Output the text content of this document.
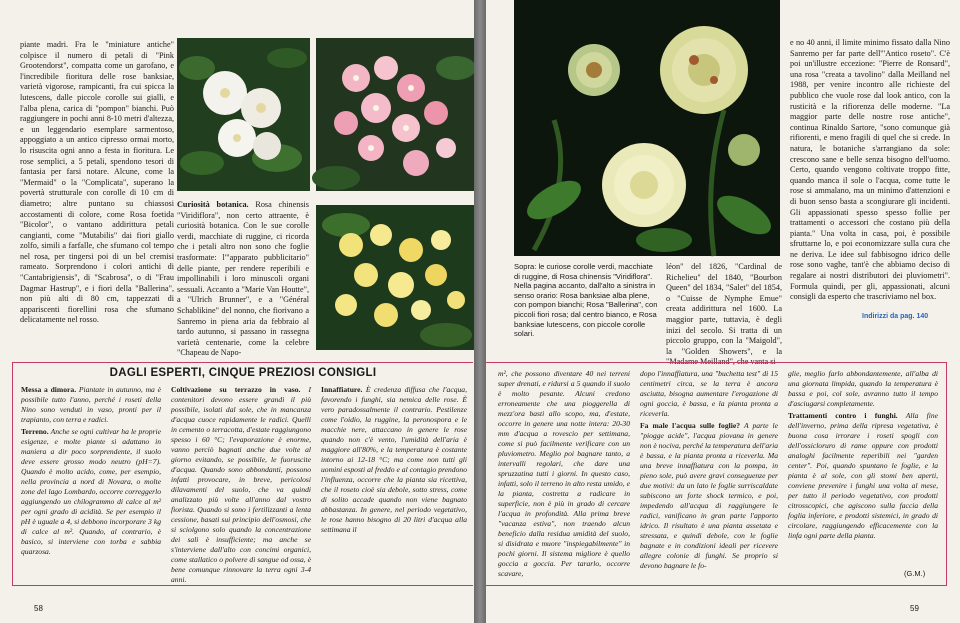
piante madri. Fra le "miniature antiche" colpisce il numero di petali di "Pink Grootendorst", compatta come un garofano, e l'incredibile fioritura delle rose banksiae, varietà vigorose, rampicanti, fra cui spicca la lutescens, dalle piccole corolle sui gialli, e l'alba plena, carica di "pompon" bianchi. Può raggiungere in pochi anni 8-10 metri d'altezza, e un leggendario esemplare sarmentoso, appoggiato a un antico cipresso ormai morto, lo risuscita ogni anno a festa in fioritura. Le rose semplici, a 5 petali, spendono tesori di fantasia per farsi notare. Alcune, come la "Mermaid" o la "Complicata", superano la povertà strutturale con corolle di 10 cm di diametro; altre puntano su chiassosi accostamenti di colore, come Rosa foetida "Bicolor", o vantano addirittura petali cangianti, come "Mutabilis" dai fiori giallo zolfo, simili a farfalle, che sfumano col tempo nel rosa, per tingersi poi di un bel cremisi rameato. Sorprendono i colori antichi di "Cantabrigiensis", di "Scabrosa", o di "Frau Dagmar Hastrup", e i fiori della "Ballerina", non più alti di 80 cm, tappezzati di appariscenti fiorellini rosa che sfumano delicatamente nel rosso.

Curiosità botanica. Rosa chinensis "Viridiflora", non certo attraente, è curiosità botanica. Con le sue corolle verdi, macchiate di ruggine, ci ricorda che i petali altro non sono che foglie trasformate: l'"apparato pubblicitario" delle piante, per rendere reperibili e impollinabili i loro minuscoli organi sessuali. Accanto a "Marie Van Houtte", a "Ulrich Brunner", e a "Général Schablikine" del nonno, che fiorivano a Sanremo in piena aria da febbraio al tardo autunno, si passano in rassegna varietà centenarie, come la celebre "Chapeau de Napo-

DAGLI ESPERTI, CINQUE PREZIOSI CONSIGLI

Messa a dimora. Piantate in autunno, ma è possibile tutto l'anno, perché i roseti della Nino sono venduti in vaso, pronti per il trapianto, con terra e radici.

Terreno. Anche se ogni cultivar ha le proprie esigenze, e molte piante si adattano in maniera a dir poco sorprendente, il suolo deve essere grosso modo neutro (pH=7). Quando è molto acido, come, per esempio, nella provincia a nord di Novara, o molte zone del lago Lombardo, occorre correggerlo aggiungendo un chilogrammo di calce al m² per ogni grado di acidità. Se per esempio il pH è uguale a 4, si debbono incorporare 3 kg di calce al m². Quando, al contrario, è basico, si interviene con torba e sabbia quarzosa.

Coltivazione su terrazzo in vaso. I contenitori devono essere grandi il più possibile, isolati dal sole, che in mancanza d'acqua cuoce rapidamente le radici. Quelli in cemento o terracotta, d'estate raggiungono spesso i 60 °C; l'evaporazione è enorme, vanno perciò bagnati anche due volte al giorno evitando, se possibile, le fuoruscite d'acqua. Quando sono abbondanti, possono infatti provocare, in breve, pericolosi dilavamenti del suolo, che va quindi analizzato più volte all'anno dal vostro fiorista. Quando si sono i fertilizzanti a lenta cessione, basati sui principio dell'osmosi, che si sciolgono solo quando la concentrazione dei sali è insufficiente; ma anche se s'interviene dall'alto con concimi organici, come stallatico o polvere di sangue od ossa, è bene comunque rinnovare la terra ogni 3-4 anni.

Innaffiature. È credenza diffusa che l'acqua, favorendo i funghi, sia nemica delle rose. È vero paradossalmente il contrario. Pestilenze come l'oidio, la ruggine, la peronospora e le macchie nere, attaccano in genere le rose quando non c'è vento, l'umidità dell'aria è maggiore all'80%, e la temperatura è costante intorno ai 12-18 °C; ma come non tutti gli uomini esposti al freddo e al contagio prendono l'influenza, occorre che la pianta sia ricettiva, che il roseto cioè sia debole, sotto stress, come di solito accade quando non viene bagnato abbastanza. In genere, nel periodo vegetativo, le rose hanno bisogno di 20 litri d'acqua alla settimana il

58

e no 40 anni, il limite minimo fissato dalla Nino Sanremo per far parte dell'"Antico roseto". C'è poi un'illustre eccezione: "Pierre de Ronsard", una rosa "creata a tavolino" dalla Meilland nel 1988, per venire incontro alle richieste del pubblico che vuole rose dal look antico, con la rusticità e la rifiorenza delle moderne. "La maggior parte delle nostre rose antiche", continua Rinaldo Sartore, "sono comunque già rifiorenti, e meno fragili di quel che si crede. In natura, le botaniche s'arrangiano da sole: crescono sane e belle senza bisogno dell'uomo. Certo, quando vengono coltivate troppo fitte, quando manca il sole o l'acqua, come tutte le rose si ammalano, ma un minimo d'attenzioni e di buon senso basta a scongiurare gli incidenti. Gli appassionati spesso spesso follie per trattamenti o accessori che costano più della pianta." Una volta in casa, poi, è possibile sfruttarne lo, e poi economizzare sulla cura che ne deriva. Le idee sul fabbisogno idrico delle rose sono vaghe, tant'è che abbiamo deciso di regalare ai nostri distributori dei pluviometri". Formula quindi, per gli, appassionati, alcuni consigli da esperto che trascriviamo nel box.

Indirizzi da pag. 140
Sopra: le curiose corolle verdi, macchiate di ruggine, di Rosa chinensis "Viridiflora". Nella pagina accanto, dall'alto a sinistra in senso orario: Rosa banksiae alba plene, con pompon bianchi; Rosa "Ballerina", con piccoli fiori rosa; dal centro bianco, e Rosa banksiae lutescens, con piccole corolle solari.

léon" del 1826, "Cardinal de Richelieu" del 1840, "Bourbon Queen" del 1834, "Salet" del 1854, o "Cuisse de Nymphe Emue" creata addirittura nel 1600. La maggior parte, tuttavia, è degli inizi del secolo. Si tratta di un piccolo gruppo, con la "Maigold", la "Golden Showers", e la "Madame Meilland", che vanta si

m², che possono diventare 40 nei terreni super drenati, e ridursi a 5 quando il suolo è molto pesante. Alcuni credono erroneamente che una pioggerella di mezz'ora basti allo scopo, ma, d'estate, occorre in genere una notte intera: 20-30 mm d'acqua a rovescio per settimana, come si può facilmente verificare con un pluviometro. Meglio poi bagnare tanto, a intervalli regolari, che dare una spruzzatina tutti i giorni. In questo caso, infatti, solo il terreno in alto resta umido, e la pianta, costretta a radicare in superficie, non è più in grado di cercare l'acqua in profondità. Alla prima breve "vacanza estiva", non traendo alcun beneficio dalla residua umidità del suolo, si disidrata e muore "inspiegabilmente" in pochi giorni. Il sistema migliore è quello goccia a goccia. Per tararlo, occorre scavare,

dopo l'innaffiatura, una "buchetta test" di 15 centimetri circa, se la terra è ancora asciutta, bisogna aumentare l'erogazione di ogni goccia, è bassa, e la pianta pronta a riceverla.

Fa male l'acqua sulle foglie? A parte le "piogge acide", l'acqua piovana in genere non è nociva, perché la temperatura dell'aria è bassa, e la pianta pronta a riceverla. Ma una breve innaffiatura con la pompa, in pieno sole, può avere gravi conseguenze per due motivi: da un lato le foglie surriscaldate subiscono un forte shock termico, e poi, impedendo all'acqua di raggiungere le radici, vanificano in gran parte l'apporto idrico. Il risultato è una pianta assetata e stressata, e quindi debole, con le foglie bagnate e in condizioni ideali per ricevere allegre colonie di funghi. Se proprio si devono bagnare le fo-

glie, meglio farlo abbondantemente, all'alba di una giornata limpida, quando la temperatura è bassa e poi, col sole, avranno tutto il tempo d'asciugarsi completamente.

Trattamenti contro i funghi. Alla fine dell'inverno, prima della ripresa vegetativa, è buona cosa irrorare i roseti spogli con dell'ossicloruro di rame oppure con prodotti analoghi facilmente reperibili nei "garden center". Poi, quando spuntano le foglie, e la pianta è al sole, con gli stomi ben aperti, conviene prevenire i funghi una volta al mese, per tutto il periodo vegetativo, con prodotti citrosscopici, che agiscono sulla faccia della foglia inferiore, e prodotti sistemici, in grado di circolare, raggiungendo efficacemente con la linfa ogni parte della pianta.

(G.M.)
59
